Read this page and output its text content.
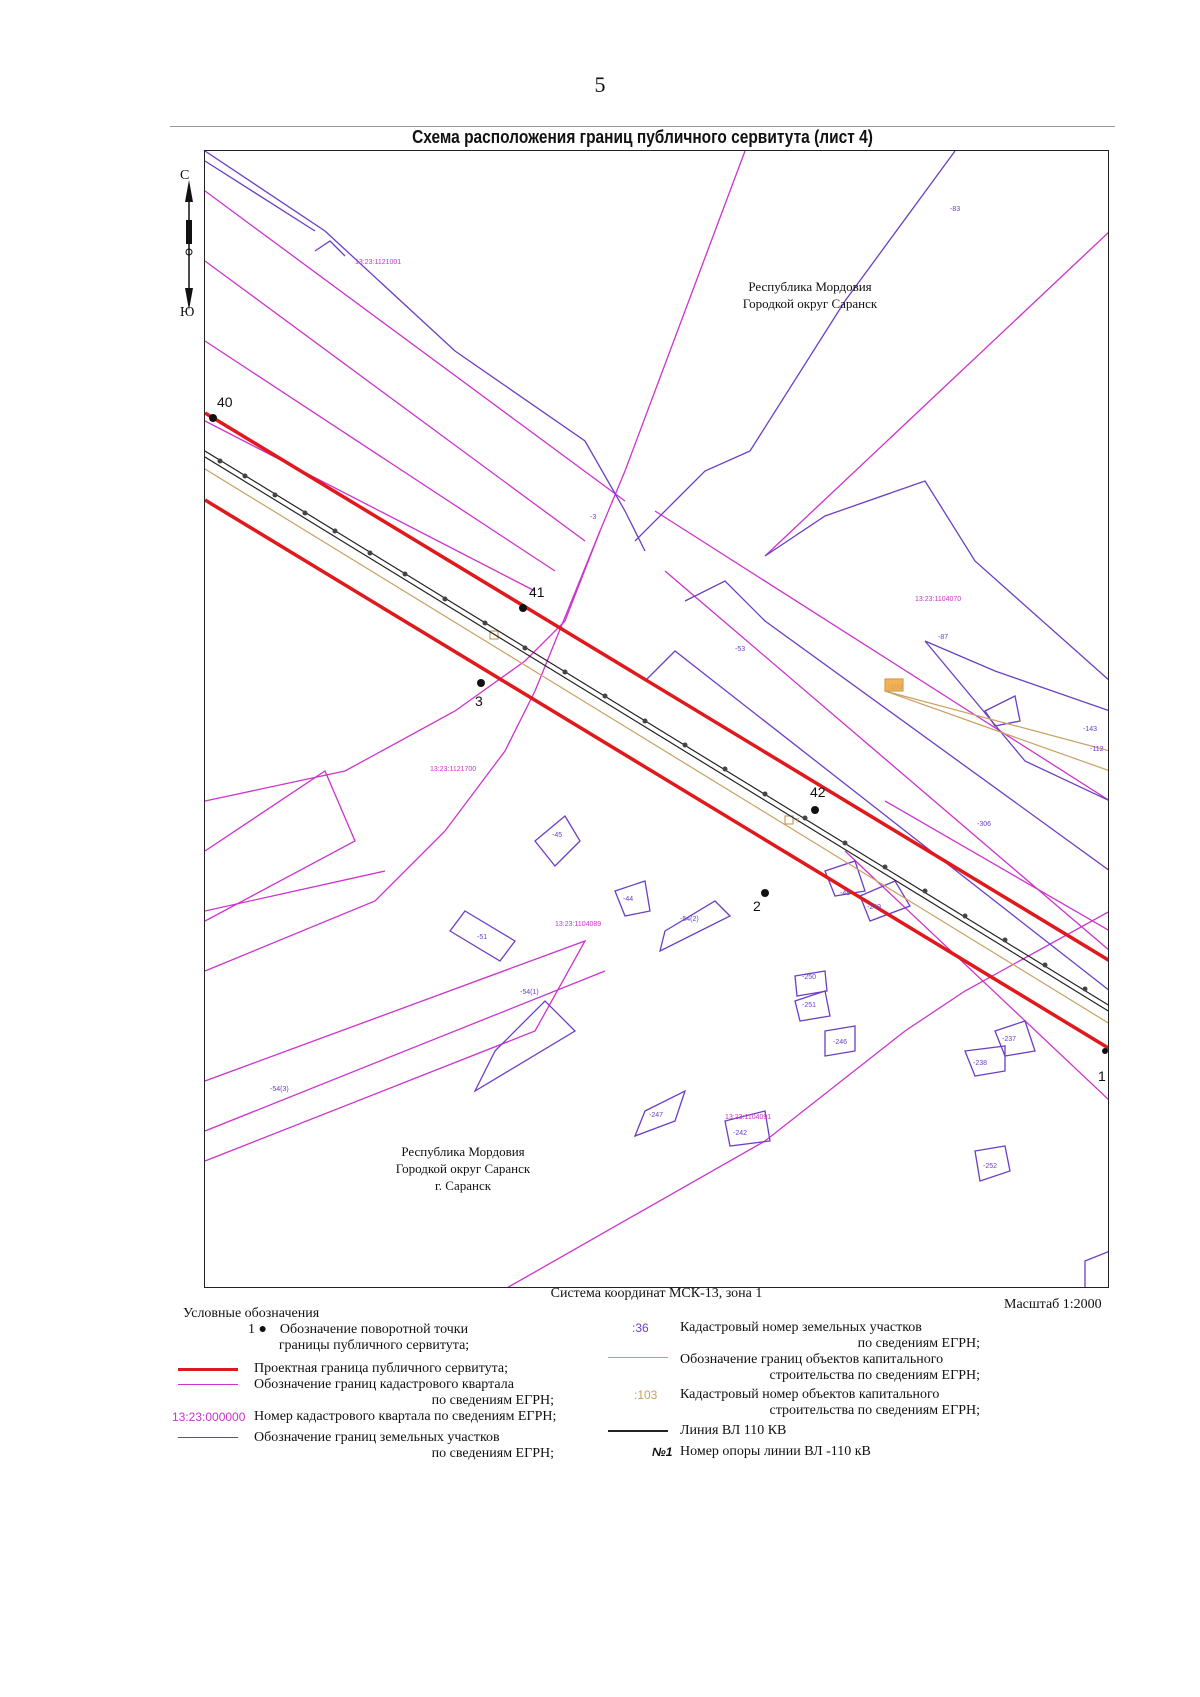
5
Схема расположения границ публичного сервитута (лист 4)
С
Ю
40
41
3
42
2
1
13:23:1121001
13:23:1104070
13:23:1121700
13:23:1104089
13:23:1104091
-83
-3
-53
-87
-45
-44
-54(2)
-51
-54(1)
-54(3)
-48
-249
-250
-251
-246
-247
-242
-238
-237
-252
-306
-143
-112
-7
-103
Республика Мордовия
Городкой округ Саранск
Республика Мордовия
Городкой округ Саранск
г. Саранск
Система координат МСК-13, зона 1
Масштаб 1:2000
Условные обозначения
1 ● Обозначение поворотной точки
границы публичного сервитута;
Проектная граница публичного сервитута;
Обозначение границ кадастрового квартала
по сведениям ЕГРН;
13:23:000000 Номер кадастрового квартала по сведениям ЕГРН;
Обозначение границ земельных участков
по сведениям ЕГРН;
:36 Кадастровый номер земельных участков
по сведениям ЕГРН;
Обозначение границ объектов капитального
строительства по сведениям ЕГРН;
:103 Кадастровый номер объектов капитального
строительства по сведениям ЕГРН;
Линия ВЛ 110 КВ
№1 Номер опоры линии ВЛ -110 кВ
